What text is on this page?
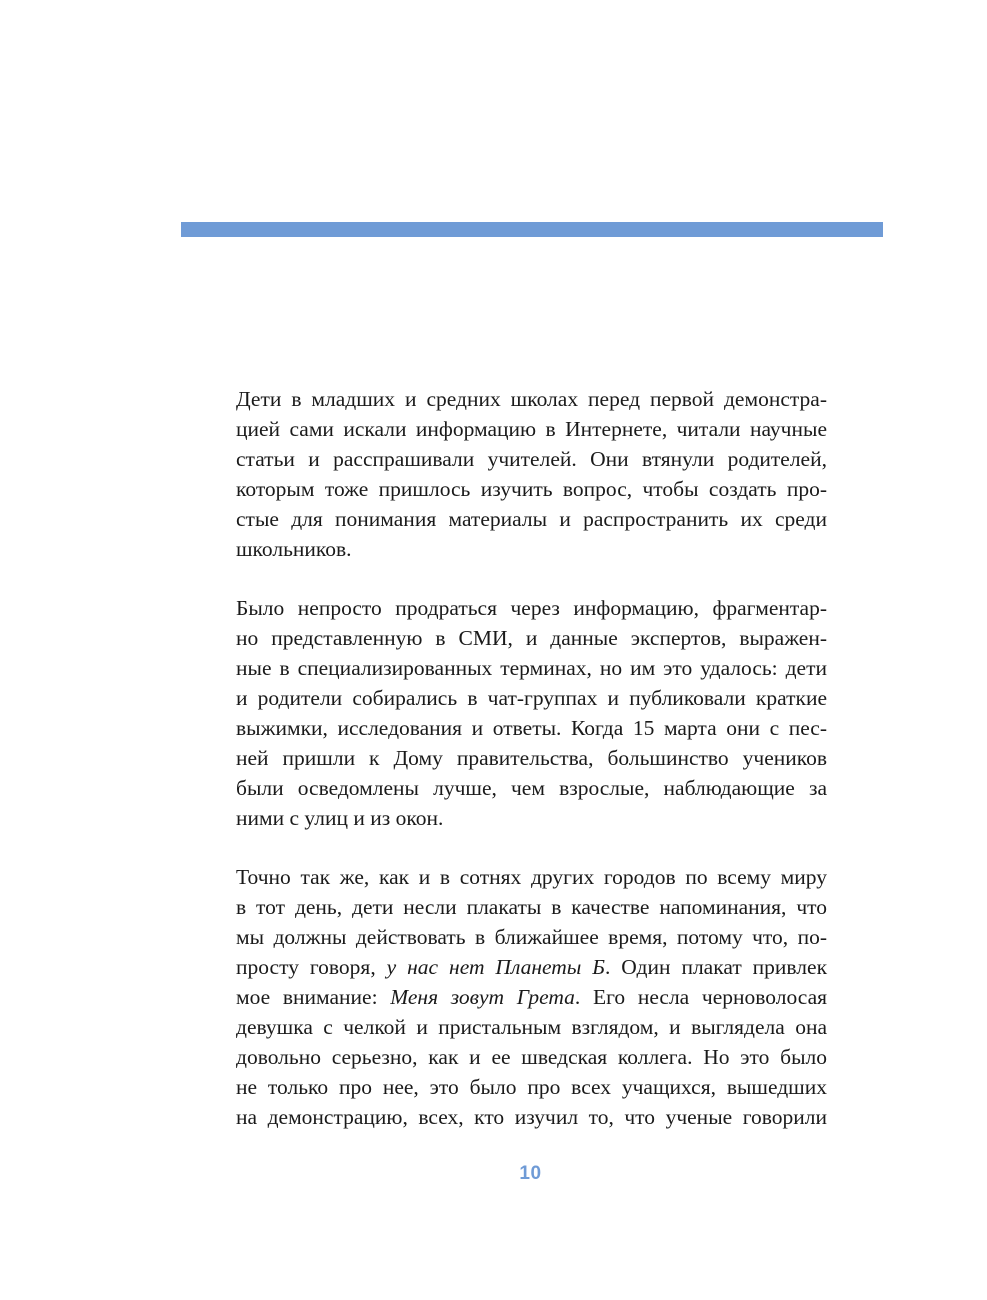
Дети в младших и средних школах перед первой демонстра-
цией сами искали информацию в Интернете, читали научные
статьи и расспрашивали учителей. Они втянули родителей,
которым тоже пришлось изучить вопрос, чтобы создать про-
стые для понимания материалы и распространить их среди
школьников.

Было непросто продраться через информацию, фрагментар-
но представленную в СМИ, и данные экспертов, выражен-
ные в специализированных терминах, но им это удалось: дети
и родители собирались в чат-группах и публиковали краткие
выжимки, исследования и ответы. Когда 15 марта они с пес-
ней пришли к Дому правительства, большинство учеников
были осведомлены лучше, чем взрослые, наблюдающие за
ними с улиц и из окон.

Точно так же, как и в сотнях других городов по всему миру
в тот день, дети несли плакаты в качестве напоминания, что
мы должны действовать в ближайшее время, потому что, по-
просту говоря, у нас нет Планеты Б. Один плакат привлек
мое внимание: Меня зовут Грета. Его несла черноволосая
девушка с челкой и пристальным взглядом, и выглядела она
довольно серьезно, как и ее шведская коллега. Но это было
не только про нее, это было про всех учащихся, вышедших
на демонстрацию, всех, кто изучил то, что ученые говорили

10
